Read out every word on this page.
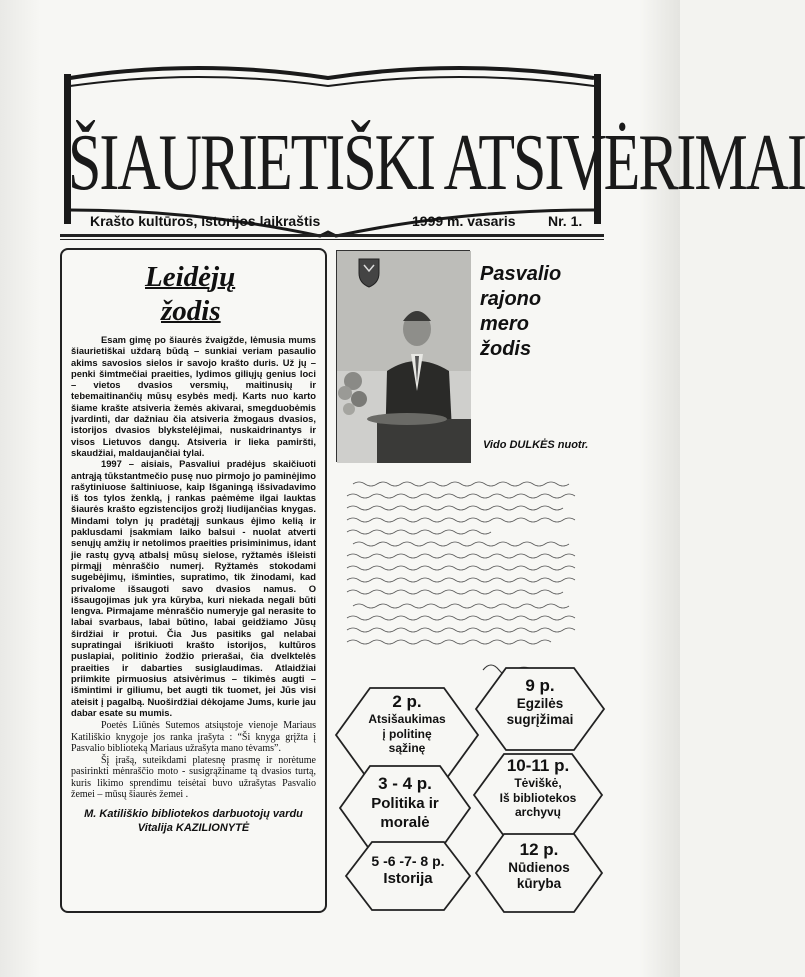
ŠIAURIETIŠKI ATSIVĖRIMAI
Krašto kultūros, istorijos laikraštis	1999 m. vasaris Nr. 1.
Leidėjų
žodis

Esam gimę po šiaurės žvaigžde, lėmusia mums šiaurietiškai uždarą būdą – sunkiai veriam pasaulio akims savosios sielos ir savojo krašto duris. Už jų – penki šimtmečiai praeities, lydimos giliųjų genius loci – vietos dvasios versmių, maitinusių ir tebemaitinančių mūsų esybės medį. Karts nuo karto šiame krašte atsiveria žemės akivarai, smegduobėmis įvardinti, dar dažniau čia atsiveria žmogaus dvasios, istorijos dvasios blykstelėjimai, nuskaidrinantys ir visos Lietuvos dangų. Atsiveria ir lieka pamiršti, skaudžiai, maldaujančiai tylai.

1997 – aisiais, Pasvaliui pradėjus skaičiuoti antrąją tūkstantmečio pusę nuo pirmojo jo paminėjimo rašytiniuose šaltiniuose, kaip Išganingą išsivadavimo iš tos tylos ženklą, į rankas paėmėme ilgai lauktas šiaurės krašto egzistencijos grožį liudijančias knygas. Mindami tolyn jų pradėtąjį sunkaus ėjimo kelią ir paklusdami įsakmiam laiko balsui - nuolat atverti senųjų amžių ir netolimos praeities prisiminimus, idant jie rastų gyvą atbalsį mūsų sielose, ryžtamės išleisti pirmąjį mėnraščio numerį. Ryžtamės stokodami sugebėjimų, išminties, supratimo, tik žinodami, kad privalome išsaugoti savo dvasios namus. O išsaugojimas juk yra kūryba, kuri niekada negali būti lengva. Pirmajame mėnraščio numeryje gal nerasite to labai svarbaus, labai būtino, labai geidžiamo Jūsų širdžiai ir protui. Čia Jus pasitiks gal nelabai supratingai išrikiuoti krašto istorijos, kultūros puslapiai, politinio žodžio prierašai, čia dvelktelės praeities ir dabarties susiglaudimas. Atlaidžiai priimkite pirmuosius atsivėrimus – tikimės augti – išmintimi ir giliumu, bet augti tik tuomet, jei Jūs visi ateisit į pagalbą. Nuoširdžiai dėkojame Jums, kurie jau dabar esate su mumis.

Poetės Liūnės Sutemos atsiųstoje vienoje Mariaus Katiliškio knygoje jos ranka įrašyta : “Ši knyga grįžta į Pasvalio biblioteką Mariaus užrašyta mano tėvams”.
Šį įrašą, suteikdami platesnę prasmę ir norėtume pasirinkti mėnraščio moto - susigrąžiname tą dvasios turtą, kuris likimo sprendimu teisėtai buvo užrašytas Pasvalio žemei – mūsų šiaurės žemei .
M. Katiliškio bibliotekos darbuotojų vardu
Vitalija KAZILIONYTĖ
Pasvalio
rajono
mero
žodis
Vido DULKĖS nuotr.
2 p.
Atsišaukimas
į politinę
sąžinę
9 p.
Egzilės
sugrįžimai
3 - 4 p.
Politika ir
moralė
10-11 p.
Tėviškė,
Iš bibliotekos
archyvų
5 -6 -7- 8 p.
Istorija
12 p.
Nūdienos
kūryba
